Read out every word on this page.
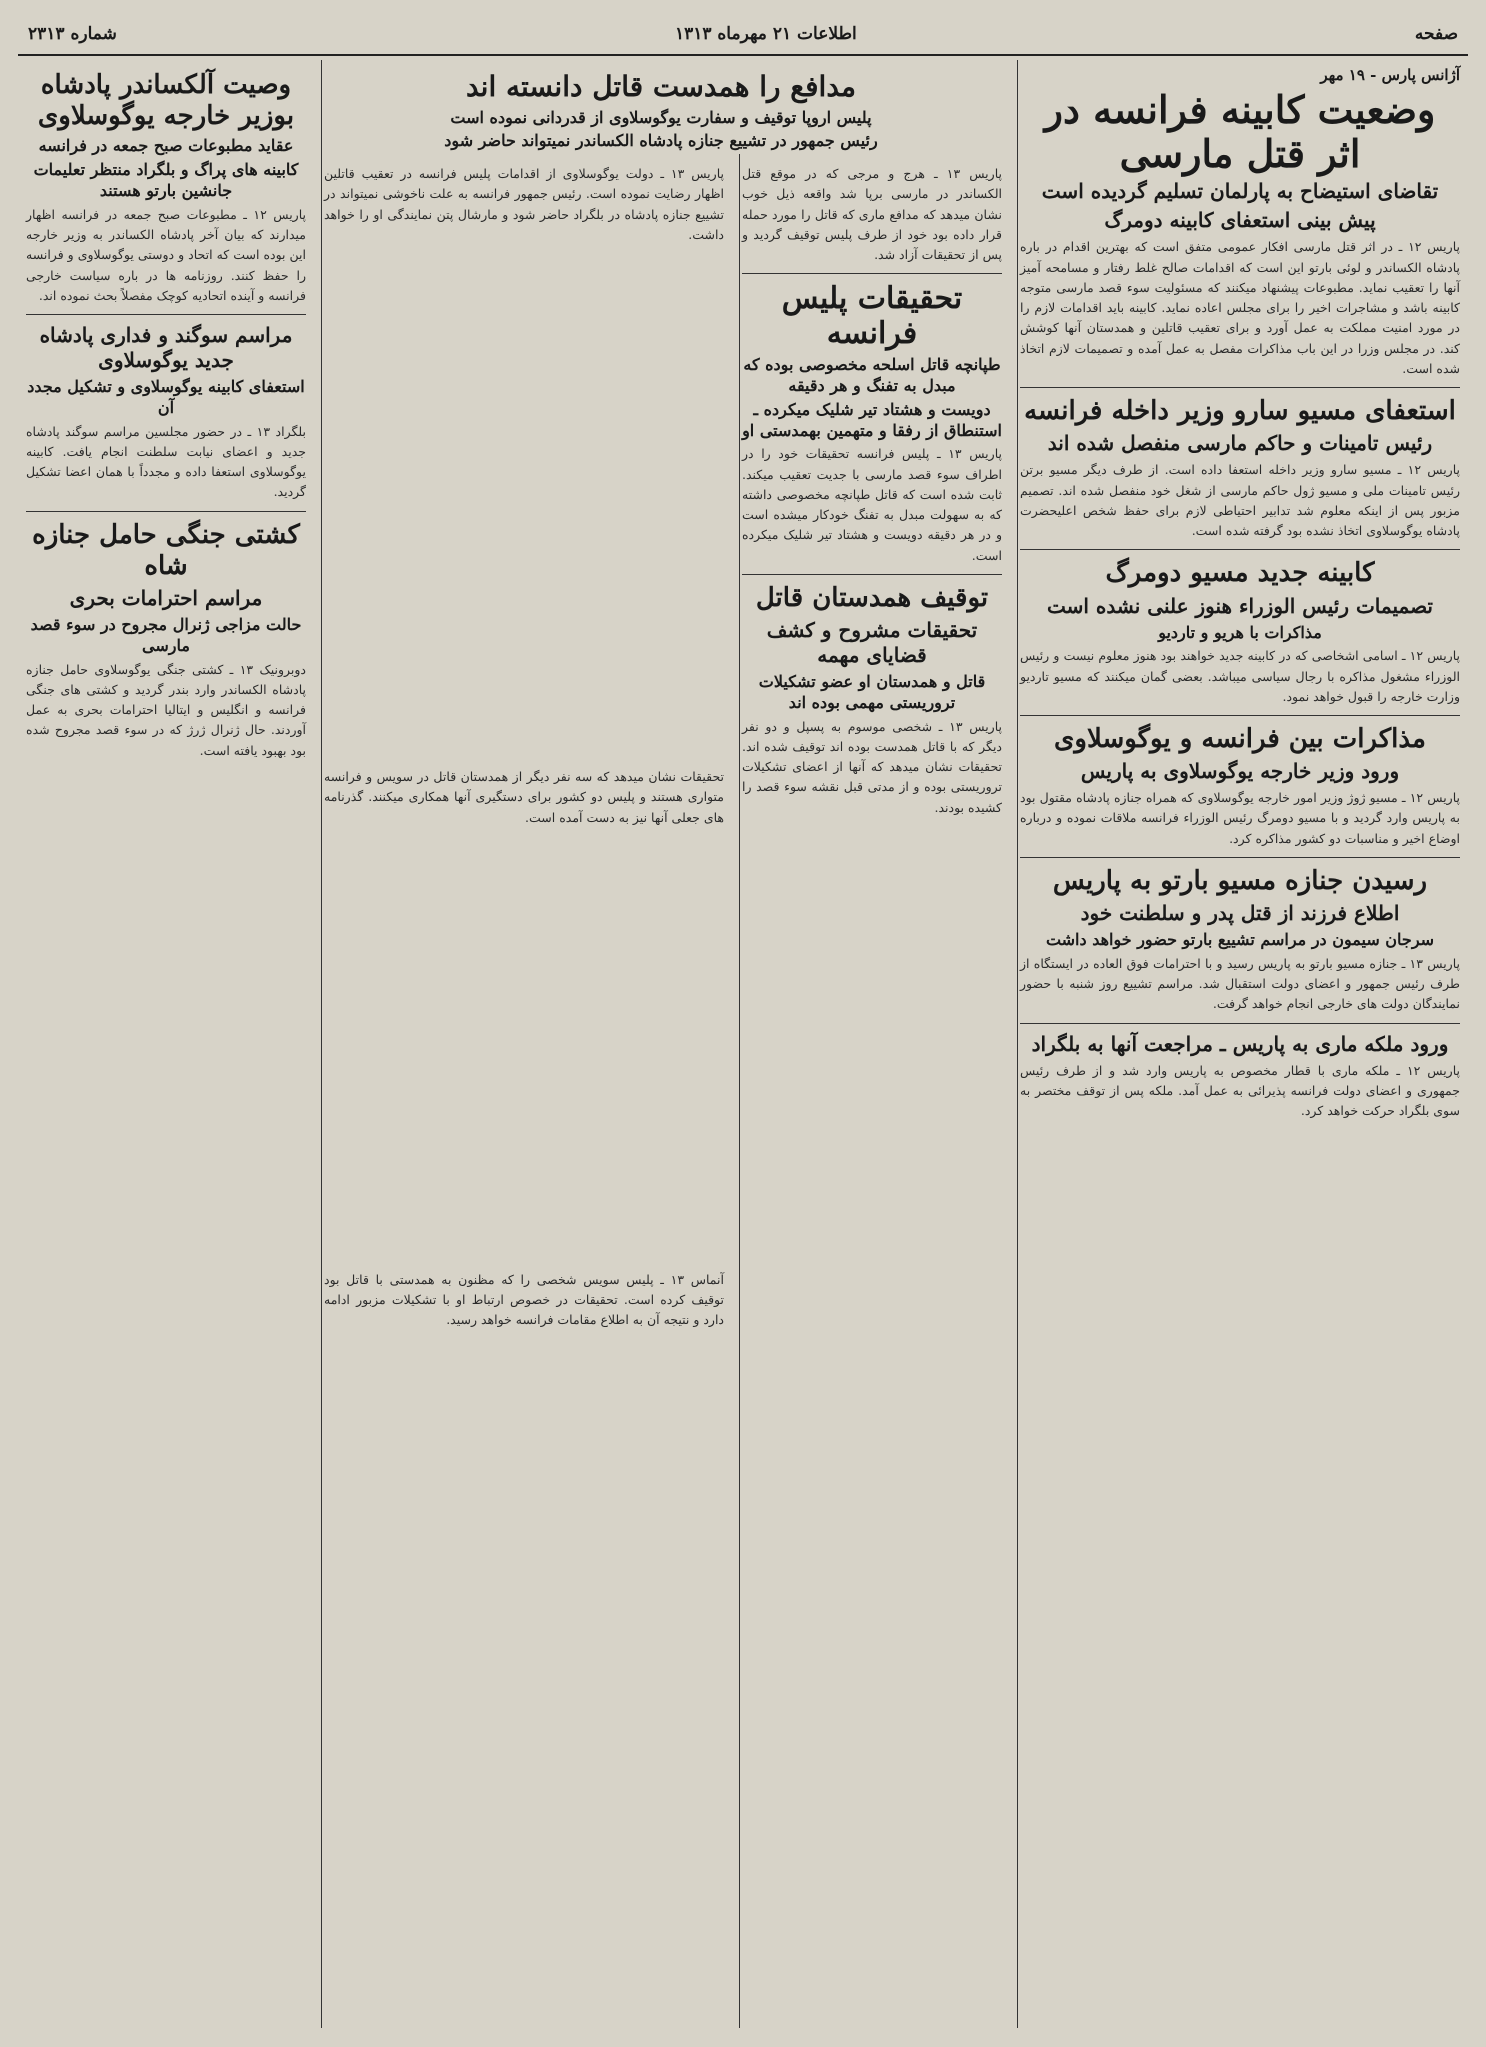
صفحه
اطلاعات ۲۱ مهرماه ۱۳۱۳
شماره ۲۳۱۳
آژانس پارس - ۱۹ مهر
وضعیت کابینه فرانسه در اثر قتل مارسی
تقاضای استیضاح به پارلمان تسلیم گردیده است
پیش بینی استعفای کابینه دومرگ

پاریس ۱۲ ـ در اثر قتل مارسی افکار عمومی متفق است که بهترین اقدام در باره پادشاه الکساندر و لوئی بارتو این است که اقدامات صالح غلط رفتار و مسامحه آمیز آنها را تعقیب نماید. مطبوعات پیشنهاد میکنند که مسئولیت سوء قصد مارسی متوجه کابینه باشد و مشاجرات اخیر را برای مجلس اعاده نماید. کابینه باید اقدامات لازم را در مورد امنیت مملکت به عمل آورد و برای تعقیب قاتلین و همدستان آنها کوشش کند. در مجلس وزرا در این باب مذاکرات مفصل به عمل آمده و تصمیمات لازم اتخاذ شده است.

استعفای مسیو سارو وزیر داخله فرانسه
رئیس تامینات و حاکم مارسی منفصل شده اند

پاریس ۱۲ ـ مسیو سارو وزیر داخله استعفا داده است. از طرف دیگر مسیو برتن رئیس تامینات ملی و مسیو ژول حاکم مارسی از شغل خود منفصل شده اند. تصمیم مزبور پس از اینکه معلوم شد تدابیر احتیاطی لازم برای حفظ شخص اعلیحضرت پادشاه یوگوسلاوی اتخاذ نشده بود گرفته شده است.

کابینه جدید مسیو دومرگ
تصمیمات رئیس الوزراء هنوز علنی نشده است
مذاکرات با هریو و تاردیو

پاریس ۱۲ ـ اسامی اشخاصی که در کابینه جدید خواهند بود هنوز معلوم نیست و رئیس الوزراء مشغول مذاکره با رجال سیاسی میباشد. بعضی گمان میکنند که مسیو تاردیو وزارت خارجه را قبول خواهد نمود.

مذاکرات بین فرانسه و یوگوسلاوی
ورود وزیر خارجه یوگوسلاوی به پاریس

پاریس ۱۲ ـ مسیو ژوژ وزیر امور خارجه یوگوسلاوی که همراه جنازه پادشاه مقتول بود به پاریس وارد گردید و با مسیو دومرگ رئیس الوزراء فرانسه ملاقات نموده و درباره اوضاع اخیر و مناسبات دو کشور مذاکره کرد.

رسیدن جنازه مسیو بارتو به پاریس
اطلاع فرزند از قتل پدر و سلطنت خود
سرجان سیمون در مراسم تشییع بارتو حضور خواهد داشت

پاریس ۱۳ ـ جنازه مسیو بارتو به پاریس رسید و با احترامات فوق العاده در ایستگاه از طرف رئیس جمهور و اعضای دولت استقبال شد. مراسم تشییع روز شنبه با حضور نمایندگان دولت های خارجی انجام خواهد گرفت.

ورود ملکه ماری به پاریس ـ مراجعت آنها به بلگراد

پاریس ۱۲ ـ ملکه ماری با قطار مخصوص به پاریس وارد شد و از طرف رئیس جمهوری و اعضای دولت فرانسه پذیرائی به عمل آمد. ملکه پس از توقف مختصر به سوی بلگراد حرکت خواهد کرد.

مدافع را همدست قاتل دانسته اند
پلیس اروپا توقیف و سفارت یوگوسلاوی از قدردانی نموده است
رئیس جمهور در تشییع جنازه پادشاه الکساندر نمیتواند حاضر شود

پاریس ۱۳ ـ هرج و مرجی که در موقع قتل الکساندر در مارسی برپا شد واقعه ذیل خوب نشان میدهد که مدافع ماری که قاتل را مورد حمله قرار داده بود خود از طرف پلیس توقیف گردید و پس از تحقیقات آزاد شد.

تحقیقات پلیس فرانسه
طپانچه قاتل اسلحه مخصوصی بوده که مبدل به تفنگ و هر دقیقه
دویست و هشتاد تیر شلیک میکرده ـ استنطاق از رفقا و متهمین بهمدستی او

پاریس ۱۳ ـ پلیس فرانسه تحقیقات خود را در اطراف سوء قصد مارسی با جدیت تعقیب میکند. ثابت شده است که قاتل طپانچه مخصوصی داشته که به سهولت مبدل به تفنگ خودکار میشده است و در هر دقیقه دویست و هشتاد تیر شلیک میکرده است.

توقیف همدستان قاتل
تحقیقات مشروح و کشف قضایای مهمه
قاتل و همدستان او عضو تشکیلات تروریستی مهمی بوده اند

پاریس ۱۳ ـ شخصی موسوم به پسپل و دو نفر دیگر که با قاتل همدست بوده اند توقیف شده اند. تحقیقات نشان میدهد که آنها از اعضای تشکیلات تروریستی بوده و از مدتی قبل نقشه سوء قصد را کشیده بودند.

پاریس ۱۳ ـ دولت یوگوسلاوی از اقدامات پلیس فرانسه در تعقیب قاتلین اظهار رضایت نموده است. رئیس جمهور فرانسه به علت ناخوشی نمیتواند در تشییع جنازه پادشاه در بلگراد حاضر شود و مارشال پتن نمایندگی او را خواهد داشت.

تحقیقات نشان میدهد که سه نفر دیگر از همدستان قاتل در سویس و فرانسه متواری هستند و پلیس دو کشور برای دستگیری آنها همکاری میکنند. گذرنامه های جعلی آنها نیز به دست آمده است.

آنماس ۱۳ ـ پلیس سویس شخصی را که مظنون به همدستی با قاتل بود توقیف کرده است. تحقیقات در خصوص ارتباط او با تشکیلات مزبور ادامه دارد و نتیجه آن به اطلاع مقامات فرانسه خواهد رسید.

وصیت آلکساندر پادشاه بوزیر خارجه یوگوسلاوی
عقاید مطبوعات صبح جمعه در فرانسه
کابینه های پراگ و بلگراد منتظر تعلیمات جانشین بارتو هستند

پاریس ۱۲ ـ مطبوعات صبح جمعه در فرانسه اظهار میدارند که بیان آخر پادشاه الکساندر به وزیر خارجه این بوده است که اتحاد و دوستی یوگوسلاوی و فرانسه را حفظ کنند. روزنامه ها در باره سیاست خارجی فرانسه و آینده اتحادیه کوچک مفصلاً بحث نموده اند.

مراسم سوگند و فداری پادشاه جدید یوگوسلاوی
استعفای کابینه یوگوسلاوی و تشکیل مجدد آن

بلگراد ۱۳ ـ در حضور مجلسین مراسم سوگند پادشاه جدید و اعضای نیابت سلطنت انجام یافت. کابینه یوگوسلاوی استعفا داده و مجدداً با همان اعضا تشکیل گردید.

کشتی جنگی حامل جنازه شاه
مراسم احترامات بحری
حالت مزاجی ژنرال مجروح در سوء قصد مارسی

دوبرونیک ۱۳ ـ کشتی جنگی یوگوسلاوی حامل جنازه پادشاه الکساندر وارد بندر گردید و کشتی های جنگی فرانسه و انگلیس و ایتالیا احترامات بحری به عمل آوردند. حال ژنرال ژرژ که در سوء قصد مجروح شده بود بهبود یافته است.
